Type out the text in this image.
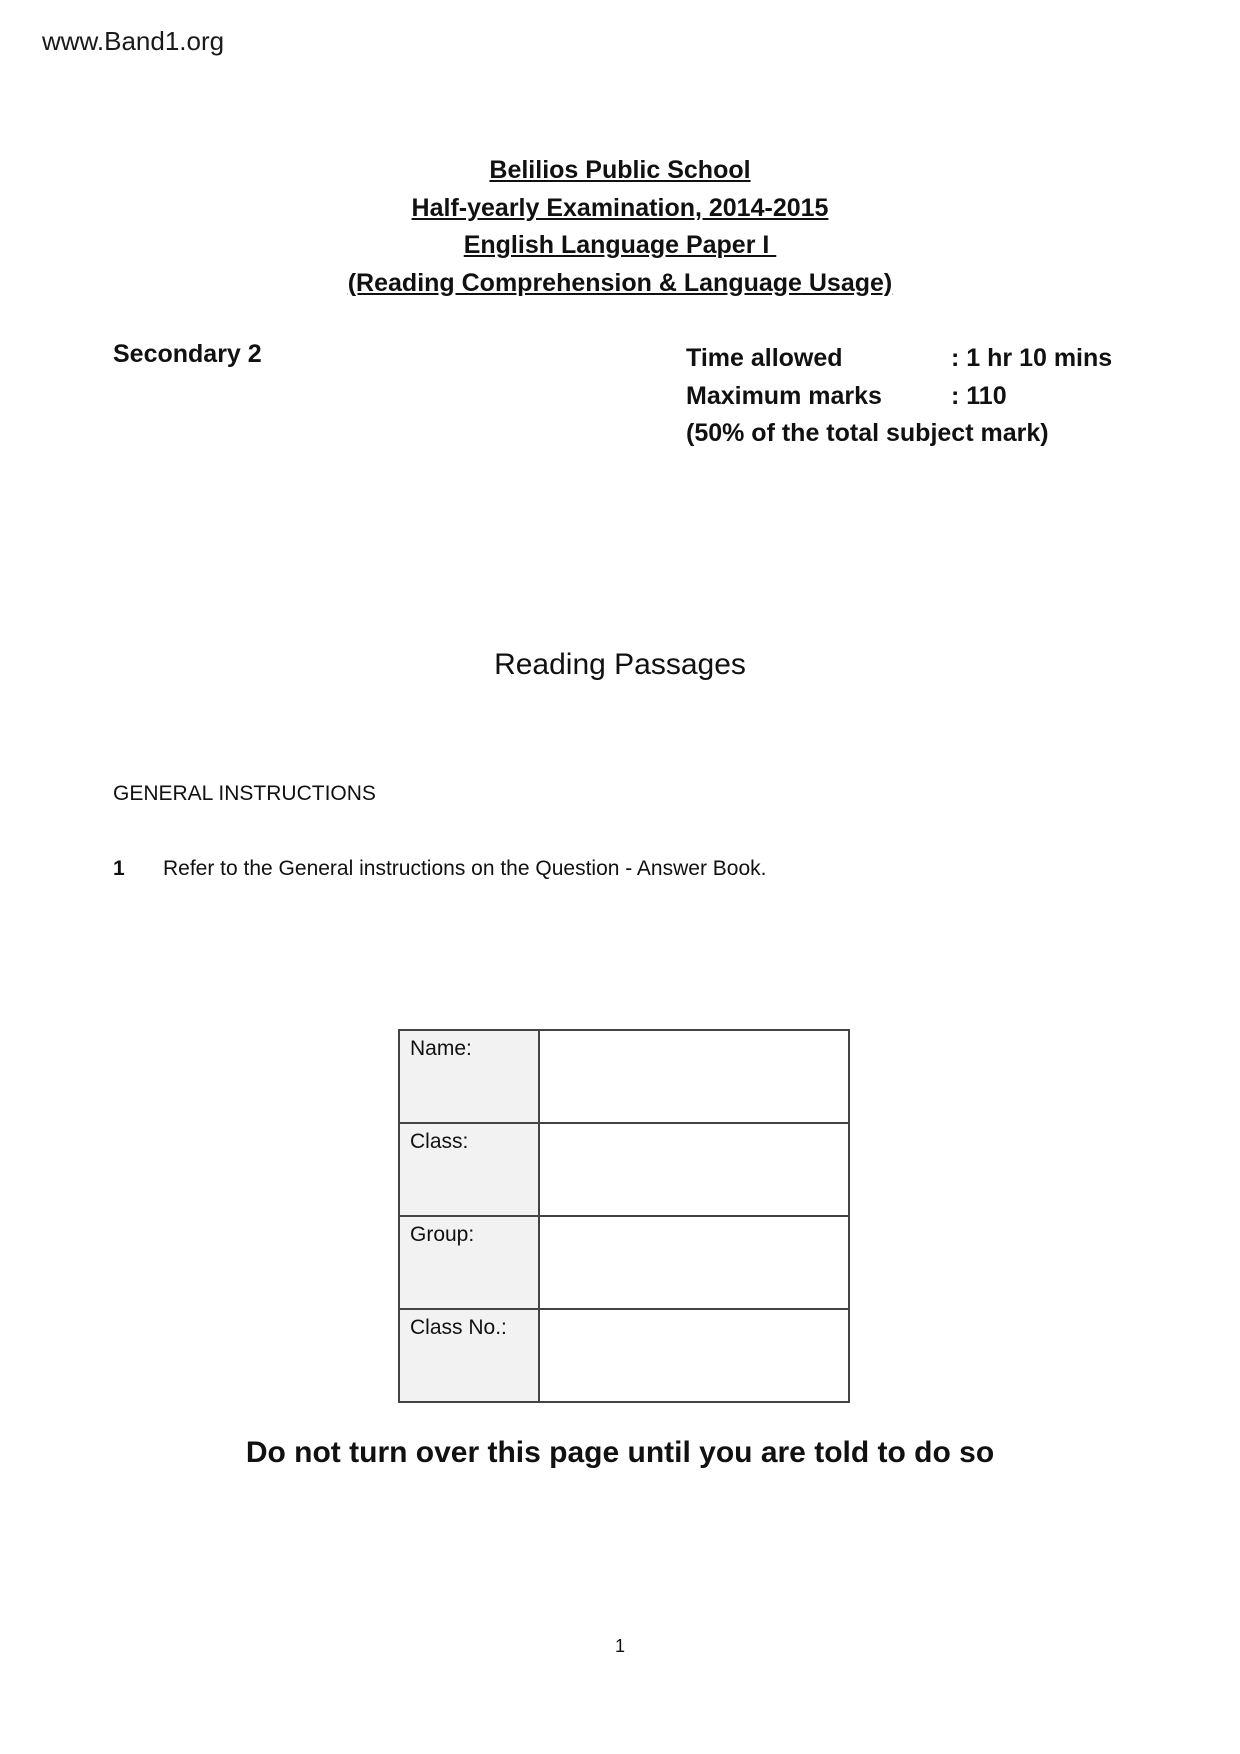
www.Band1.org
Belilios Public School
Half-yearly Examination, 2014-2015
English Language Paper I
(Reading Comprehension & Language Usage)
Secondary 2	Time allowed	: 1 hr 10 mins
Maximum marks	: 110
(50% of the total subject mark)
Reading Passages
GENERAL INSTRUCTIONS
1	Refer to the General instructions on the Question - Answer Book.
Name:	
Class:	
Group:	
Class No.:	
Do not turn over this page until you are told to do so
1
